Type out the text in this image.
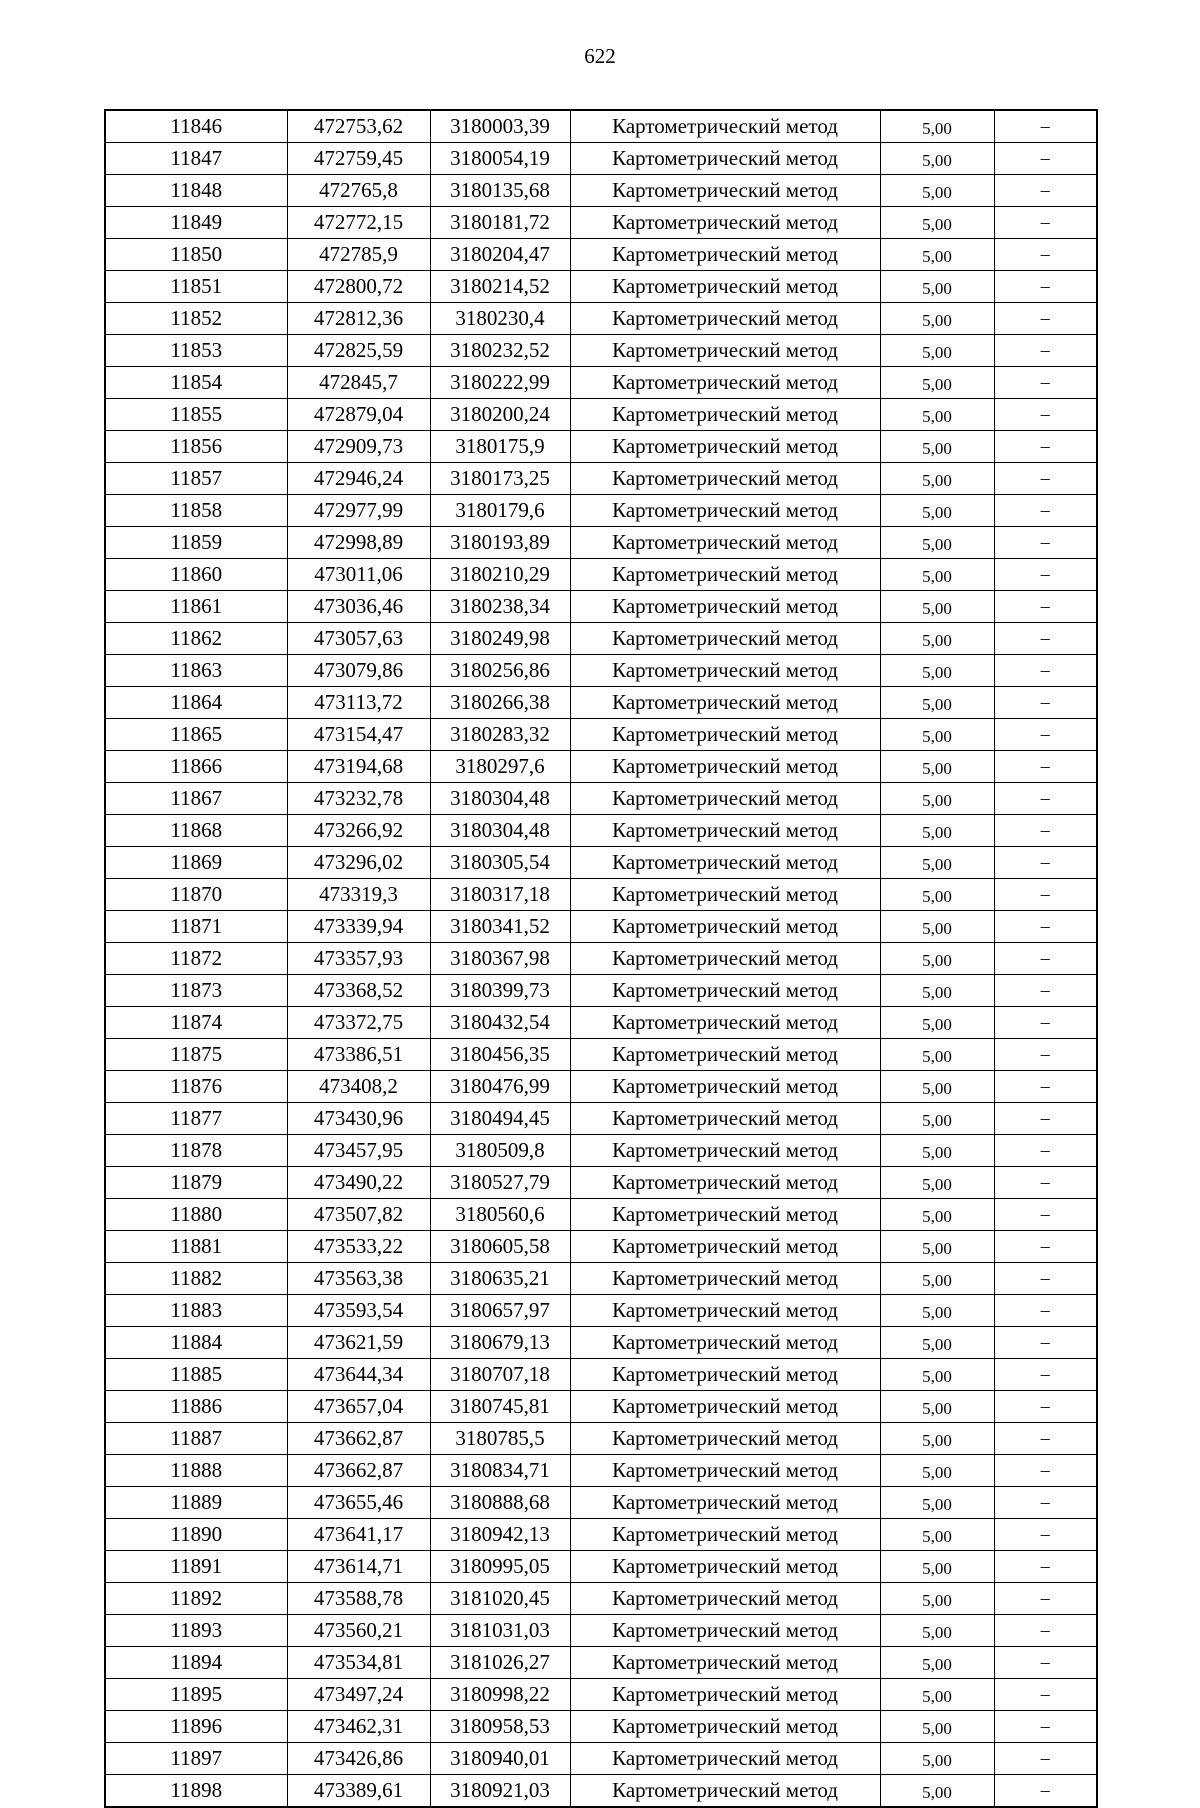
622
11846	472753,62	3180003,39	Картометрический метод	5,00	–
11847	472759,45	3180054,19	Картометрический метод	5,00	–
11848	472765,8	3180135,68	Картометрический метод	5,00	–
11849	472772,15	3180181,72	Картометрический метод	5,00	–
11850	472785,9	3180204,47	Картометрический метод	5,00	–
11851	472800,72	3180214,52	Картометрический метод	5,00	–
11852	472812,36	3180230,4	Картометрический метод	5,00	–
11853	472825,59	3180232,52	Картометрический метод	5,00	–
11854	472845,7	3180222,99	Картометрический метод	5,00	–
11855	472879,04	3180200,24	Картометрический метод	5,00	–
11856	472909,73	3180175,9	Картометрический метод	5,00	–
11857	472946,24	3180173,25	Картометрический метод	5,00	–
11858	472977,99	3180179,6	Картометрический метод	5,00	–
11859	472998,89	3180193,89	Картометрический метод	5,00	–
11860	473011,06	3180210,29	Картометрический метод	5,00	–
11861	473036,46	3180238,34	Картометрический метод	5,00	–
11862	473057,63	3180249,98	Картометрический метод	5,00	–
11863	473079,86	3180256,86	Картометрический метод	5,00	–
11864	473113,72	3180266,38	Картометрический метод	5,00	–
11865	473154,47	3180283,32	Картометрический метод	5,00	–
11866	473194,68	3180297,6	Картометрический метод	5,00	–
11867	473232,78	3180304,48	Картометрический метод	5,00	–
11868	473266,92	3180304,48	Картометрический метод	5,00	–
11869	473296,02	3180305,54	Картометрический метод	5,00	–
11870	473319,3	3180317,18	Картометрический метод	5,00	–
11871	473339,94	3180341,52	Картометрический метод	5,00	–
11872	473357,93	3180367,98	Картометрический метод	5,00	–
11873	473368,52	3180399,73	Картометрический метод	5,00	–
11874	473372,75	3180432,54	Картометрический метод	5,00	–
11875	473386,51	3180456,35	Картометрический метод	5,00	–
11876	473408,2	3180476,99	Картометрический метод	5,00	–
11877	473430,96	3180494,45	Картометрический метод	5,00	–
11878	473457,95	3180509,8	Картометрический метод	5,00	–
11879	473490,22	3180527,79	Картометрический метод	5,00	–
11880	473507,82	3180560,6	Картометрический метод	5,00	–
11881	473533,22	3180605,58	Картометрический метод	5,00	–
11882	473563,38	3180635,21	Картометрический метод	5,00	–
11883	473593,54	3180657,97	Картометрический метод	5,00	–
11884	473621,59	3180679,13	Картометрический метод	5,00	–
11885	473644,34	3180707,18	Картометрический метод	5,00	–
11886	473657,04	3180745,81	Картометрический метод	5,00	–
11887	473662,87	3180785,5	Картометрический метод	5,00	–
11888	473662,87	3180834,71	Картометрический метод	5,00	–
11889	473655,46	3180888,68	Картометрический метод	5,00	–
11890	473641,17	3180942,13	Картометрический метод	5,00	–
11891	473614,71	3180995,05	Картометрический метод	5,00	–
11892	473588,78	3181020,45	Картометрический метод	5,00	–
11893	473560,21	3181031,03	Картометрический метод	5,00	–
11894	473534,81	3181026,27	Картометрический метод	5,00	–
11895	473497,24	3180998,22	Картометрический метод	5,00	–
11896	473462,31	3180958,53	Картометрический метод	5,00	–
11897	473426,86	3180940,01	Картометрический метод	5,00	–
11898	473389,61	3180921,03	Картометрический метод	5,00	–
